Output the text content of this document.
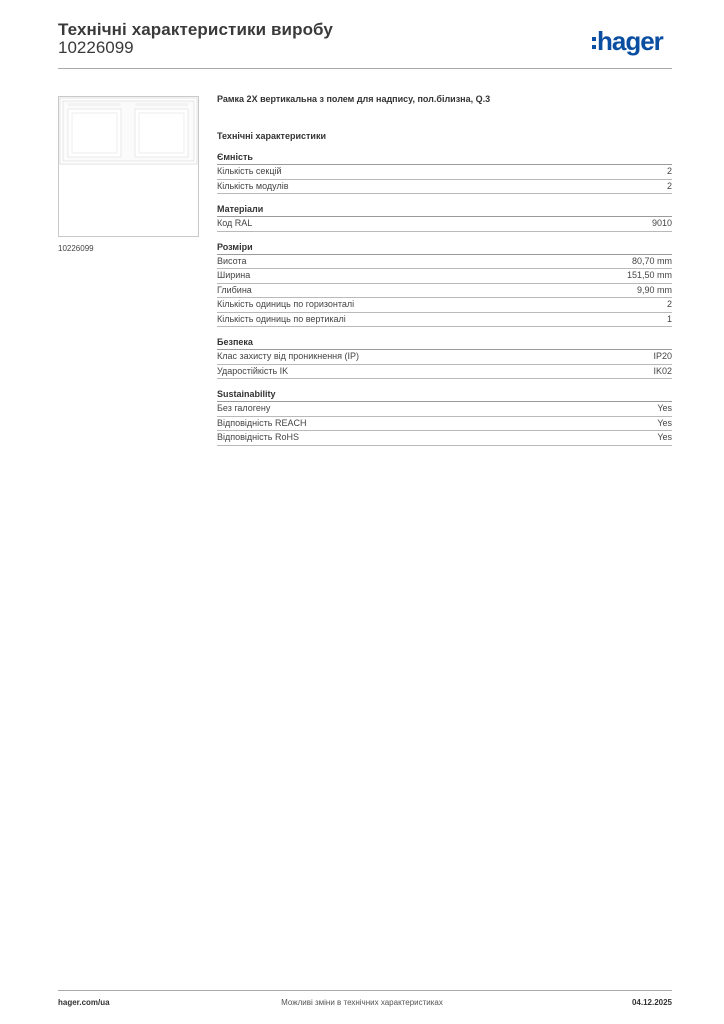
Технічні характеристики виробу
10226099	hager
10226099
Рамка 2Х вертикальна з полем для надпису, пол.білизна, Q.3
Технічні характеристики
Ємність
Кількість секцій	2
Кількість модулів	2
Матеріали
Код RAL	9010
Розміри
Висота	80,70 mm
Ширина	151,50 mm
Глибина	9,90 mm
Кількість одиниць по горизонталі	2
Кількість одиниць по вертикалі	1
Безпека
Клас захисту від проникнення (IP)	IP20
Ударостійкість IK	IK02
Sustainability
Без галогену	Yes
Відповідність REACH	Yes
Відповідність RoHS	Yes
hager.com/ua	Можливі зміни в технічних характеристиках	04.12.2025
